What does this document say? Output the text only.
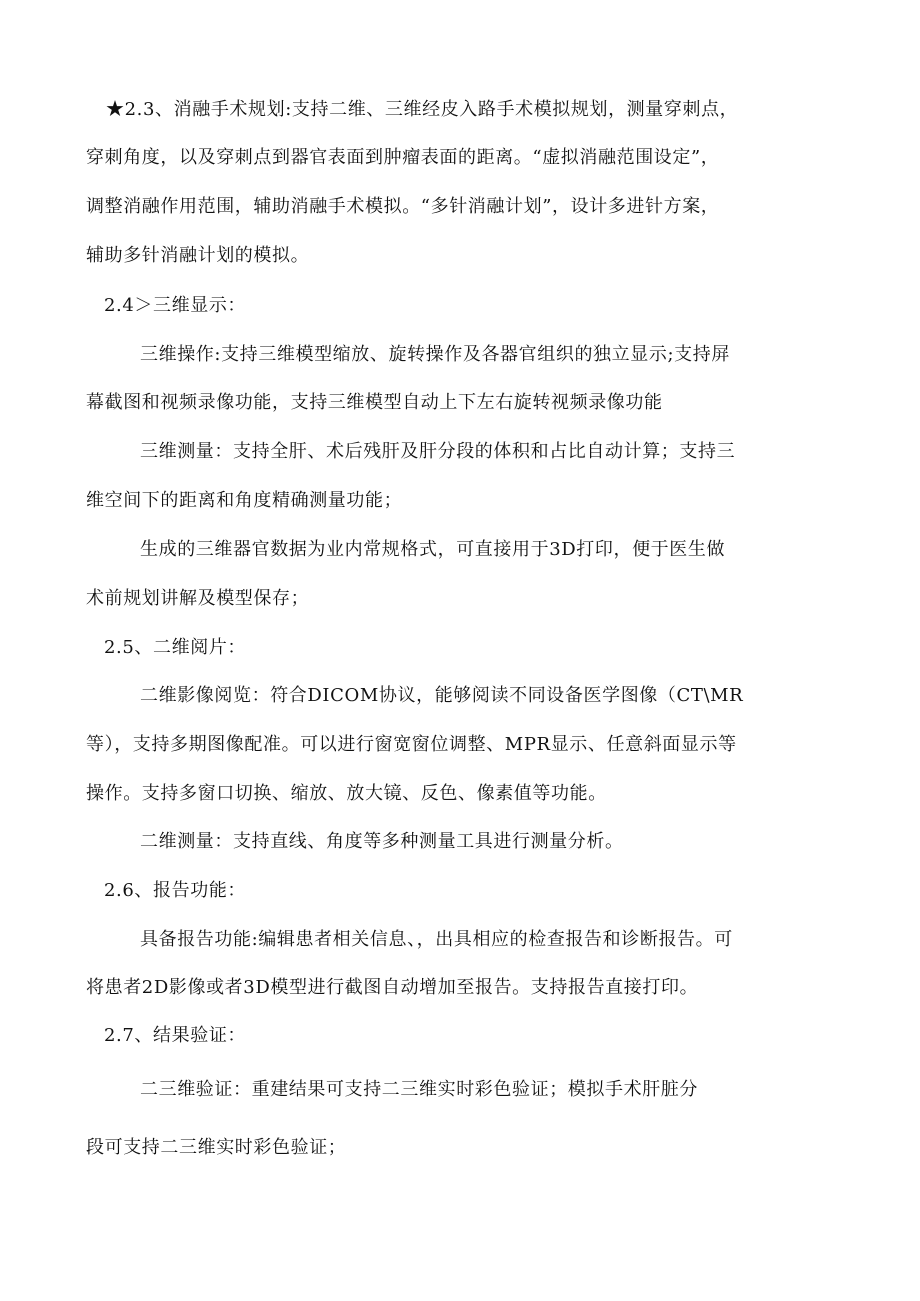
★2.3、消融手术规划:支持二维、三维经皮入路手术模拟规划，测量穿刺点，
穿刺角度，以及穿刺点到器官表面到肿瘤表面的距离。“虚拟消融范围设定”，
调整消融作用范围，辅助消融手术模拟。“多针消融计划”，设计多进针方案，
辅助多针消融计划的模拟。
2.4＞三维显示：
三维操作:支持三维模型缩放、旋转操作及各器官组织的独立显示;支持屏
幕截图和视频录像功能，支持三维模型自动上下左右旋转视频录像功能
三维测量：支持全肝、术后残肝及肝分段的体积和占比自动计算；支持三
维空间下的距离和角度精确测量功能；
生成的三维器官数据为业内常规格式，可直接用于3D打印，便于医生做
术前规划讲解及模型保存；
2.5、二维阅片：
二维影像阅览：符合DICOM协议，能够阅读不同设备医学图像（CT\MR
等），支持多期图像配准。可以进行窗宽窗位调整、MPR显示、任意斜面显示等
操作。支持多窗口切换、缩放、放大镜、反色、像素值等功能。
二维测量：支持直线、角度等多种测量工具进行测量分析。
2.6、报告功能：
具备报告功能:编辑患者相关信息、，出具相应的检查报告和诊断报告。可
将患者2D影像或者3D模型进行截图自动增加至报告。支持报告直接打印。
2.7、结果验证：
二三维验证：重建结果可支持二三维实时彩色验证；模拟手术肝脏分
段可支持二三维实时彩色验证；
